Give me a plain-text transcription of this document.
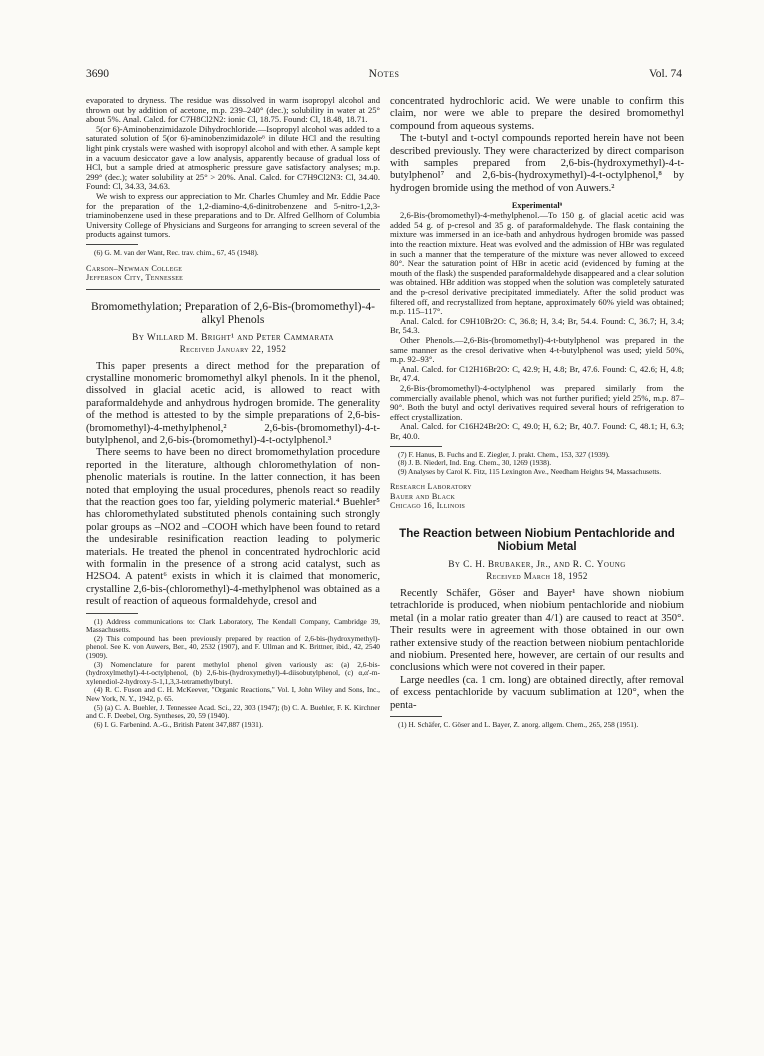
3690	Notes	Vol. 74

evaporated to dryness. The residue was dissolved in warm isopropyl alcohol and thrown out by addition of acetone, m.p. 239–240° (dec.); solubility in water at 25° about 5%. Anal. Calcd. for C7H8Cl2N2: ionic Cl, 18.75. Found: Cl, 18.48, 18.71.

5(or 6)-Aminobenzimidazole Dihydrochloride.—Isopropyl alcohol was added to a saturated solution of 5(or 6)-aminobenzimidazole⁶ in dilute HCl and the resulting light pink crystals were washed with isopropyl alcohol and with ether. A sample kept in a vacuum desiccator gave a low analysis, apparently because of gradual loss of HCl, but a sample dried at atmospheric pressure gave satisfactory analyses; m.p. 299° (dec.); water solubility at 25° > 20%. Anal. Calcd. for C7H9Cl2N3: Cl, 34.40. Found: Cl, 34.33, 34.63.

We wish to express our appreciation to Mr. Charles Chumley and Mr. Eddie Pace for the preparation of the 1,2-diamino-4,6-dinitrobenzene and 5-nitro-1,2,3-triaminobenzene used in these preparations and to Dr. Alfred Gellhorn of Columbia University College of Physicians and Surgeons for arranging to screen several of the products against tumors.

(6) G. M. van der Want, Rec. trav. chim., 67, 45 (1948).

Carson–Newman College

Jefferson City, Tennessee

Bromomethylation; Preparation of 2,6-Bis-(bromomethyl)-4-alkyl Phenols

By Willard M. Bright¹ and Peter Cammarata

Received January 22, 1952

This paper presents a direct method for the preparation of crystalline monomeric bromomethyl alkyl phenols. In it the phenol, dissolved in glacial acetic acid, is allowed to react with paraformaldehyde and anhydrous hydrogen bromide. The generality of the method is attested to by the simple preparations of 2,6-bis-(bromomethyl)-4-methylphenol,² 2,6-bis-(bromomethyl)-4-t-butylphenol, and 2,6-bis-(bromomethyl)-4-t-octylphenol.³

There seems to have been no direct bromomethylation procedure reported in the literature, although chloromethylation of non-phenolic materials is routine. In the latter connection, it has been noted that employing the usual procedures, phenols react so readily that the reaction goes too far, yielding polymeric material.⁴ Buehler⁵ has chloromethylated substituted phenols containing such strongly polar groups as –NO2 and –COOH which have been found to retard the undesirable resinification reaction leading to polymeric materials. He treated the phenol in concentrated hydrochloric acid with formalin in the presence of a strong acid catalyst, such as H2SO4. A patent⁶ exists in which it is claimed that monomeric, crystalline 2,6-bis-(chloromethyl)-4-methylphenol was obtained as a result of reaction of aqueous formaldehyde, cresol and

(1) Address communications to: Clark Laboratory, The Kendall Company, Cambridge 39, Massachusetts.

(2) This compound has been previously prepared by reaction of 2,6-bis-(hydroxymethyl)-phenol. See K. von Auwers, Ber., 40, 2532 (1907), and F. Ullman and K. Brittner, ibid., 42, 2540 (1909).

(3) Nomenclature for parent methylol phenol given variously as: (a) 2,6-bis-(hydroxylmethyl)-4-t-octylphenol, (b) 2,6-bis-(hydroxymethyl)-4-diisobutylphenol, (c) α,α'-m-xylenediol-2-hydroxy-5-1,1,3,3-tetramethylbutyl.

(4) R. C. Fuson and C. H. McKeever, "Organic Reactions," Vol. I, John Wiley and Sons, Inc., New York, N. Y., 1942, p. 65.

(5) (a) C. A. Buehler, J. Tennessee Acad. Sci., 22, 303 (1947); (b) C. A. Buehler, F. K. Kirchner and C. F. Deebel, Org. Syntheses, 20, 59 (1940).

(6) I. G. Farbenind. A.-G., British Patent 347,887 (1931).

concentrated hydrochloric acid. We were unable to confirm this claim, nor were we able to prepare the desired bromomethyl compound from aqueous systems.

The t-butyl and t-octyl compounds reported herein have not been described previously. They were characterized by direct comparison with samples prepared from 2,6-bis-(hydroxymethyl)-4-t-butylphenol⁷ and 2,6-bis-(hydroxymethyl)-4-t-octylphenol,⁸ by hydrogen bromide using the method of von Auwers.²

Experimental⁹

2,6-Bis-(bromomethyl)-4-methylphenol.—To 150 g. of glacial acetic acid was added 54 g. of p-cresol and 35 g. of paraformaldehyde. The flask containing the mixture was immersed in an ice-bath and anhydrous hydrogen bromide was passed into the reaction mixture. Heat was evolved and the admission of HBr was regulated in such a manner that the temperature of the mixture was never allowed to exceed 80°. Near the saturation point of HBr in acetic acid (evidenced by fuming at the mouth of the flask) the suspended paraformaldehyde disappeared and a clear solution was obtained. HBr addition was stopped when the solution was completely saturated and the p-cresol derivative precipitated immediately. After the solid product was filtered off, and recrystallized from heptane, approximately 60% yield was obtained; m.p. 115–117°.

Anal. Calcd. for C9H10Br2O: C, 36.8; H, 3.4; Br, 54.4. Found: C, 36.7; H, 3.4; Br, 54.3.

Other Phenols.—2,6-Bis-(bromomethyl)-4-t-butylphenol was prepared in the same manner as the cresol derivative when 4-t-butylphenol was used; yield 50%, m.p. 92–93°.

Anal. Calcd. for C12H16Br2O: C, 42.9; H, 4.8; Br, 47.6. Found: C, 42.6; H, 4.8; Br, 47.4.

2,6-Bis-(bromomethyl)-4-octylphenol was prepared similarly from the commercially available phenol, which was not further purified; yield 25%, m.p. 87–90°. Both the butyl and octyl derivatives required several hours of refrigeration to effect crystallization.

Anal. Calcd. for C16H24Br2O: C, 49.0; H, 6.2; Br, 40.7. Found: C, 48.1; H, 6.3; Br, 40.0.

(7) F. Hanus, B. Fuchs and E. Ziegler, J. prakt. Chem., 153, 327 (1939).

(8) J. B. Niederl, Ind. Eng. Chem., 30, 1269 (1938).

(9) Analyses by Carol K. Fitz, 115 Lexington Ave., Needham Heights 94, Massachusetts.

Research Laboratory

Bauer and Black

Chicago 16, Illinois

The Reaction between Niobium Pentachloride and Niobium Metal

By C. H. Brubaker, Jr., and R. C. Young

Received March 18, 1952

Recently Schäfer, Göser and Bayer¹ have shown niobium tetrachloride is produced, when niobium pentachloride and niobium metal (in a molar ratio greater than 4/1) are caused to react at 350°. Their results were in agreement with those obtained in our own rather extensive study of the reaction between niobium pentachloride and niobium. Presented here, however, are certain of our results and conclusions which were not covered in their paper.

Large needles (ca. 1 cm. long) are obtained directly, after removal of excess pentachloride by vacuum sublimation at 120°, when the penta-

(1) H. Schäfer, C. Göser and L. Bayer, Z. anorg. allgem. Chem., 265, 258 (1951).
